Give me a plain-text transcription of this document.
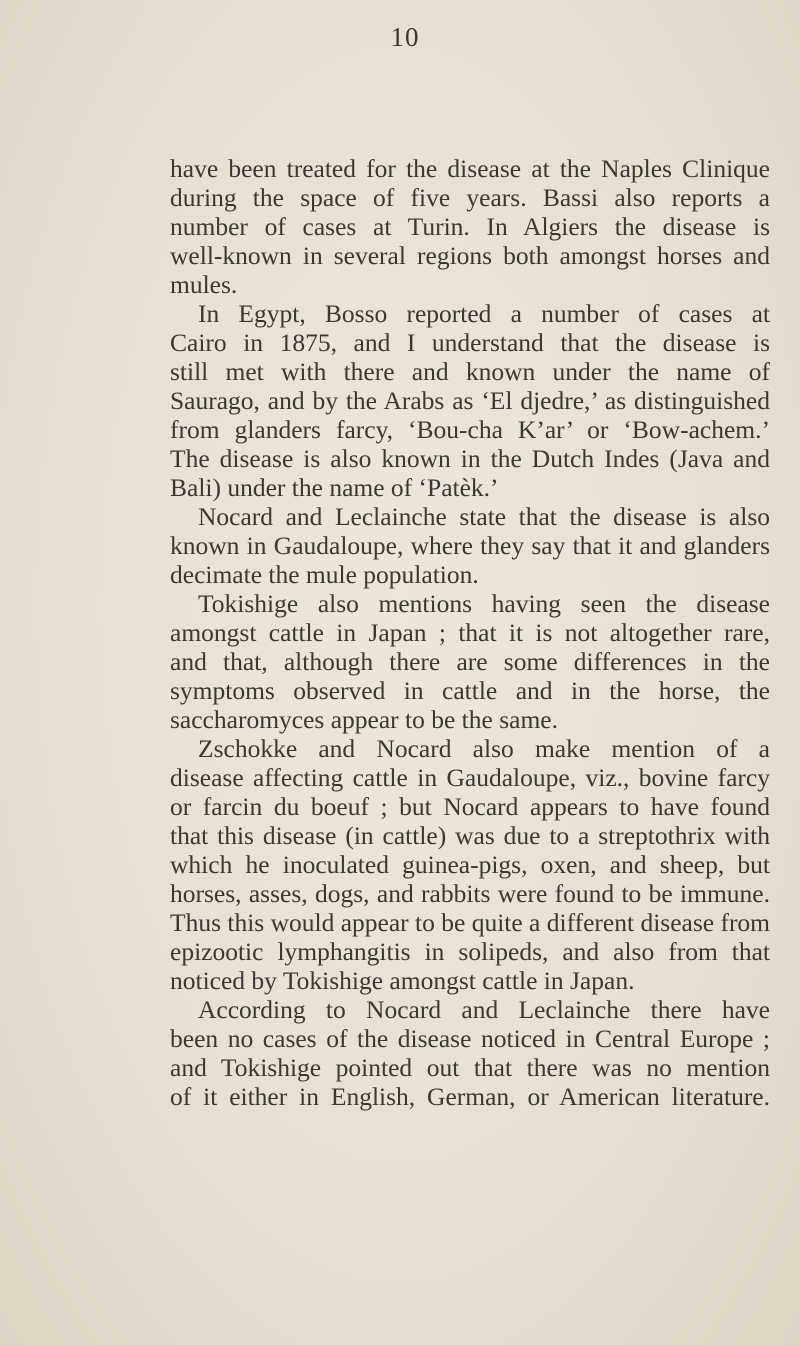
10
have been treated for the disease at the Naples Clinique
during the space of five years. Bassi also reports a
number of cases at Turin. In Algiers the disease is
well-known in several regions both amongst horses and
mules.
In Egypt, Bosso reported a number of cases at
Cairo in 1875, and I understand that the disease is
still met with there and known under the name of
Saurago, and by the Arabs as ‘El djedre,’ as distinguished
from glanders farcy, ‘Bou-cha K’ar’ or ‘Bow-achem.’
The disease is also known in the Dutch Indes (Java and
Bali) under the name of ‘Patèk.’
Nocard and Leclainche state that the disease is also
known in Gaudaloupe, where they say that it and glanders
decimate the mule population.
Tokishige also mentions having seen the disease
amongst cattle in Japan ; that it is not altogether rare,
and that, although there are some differences in the
symptoms observed in cattle and in the horse, the
saccharomyces appear to be the same.
Zschokke and Nocard also make mention of a
disease affecting cattle in Gaudaloupe, viz., bovine farcy
or farcin du boeuf ; but Nocard appears to have found
that this disease (in cattle) was due to a streptothrix with
which he inoculated guinea-pigs, oxen, and sheep, but
horses, asses, dogs, and rabbits were found to be immune.
Thus this would appear to be quite a different disease from
epizootic lymphangitis in solipeds, and also from that
noticed by Tokishige amongst cattle in Japan.
According to Nocard and Leclainche there have
been no cases of the disease noticed in Central Europe ;
and Tokishige pointed out that there was no mention
of it either in English, German, or American literature.
